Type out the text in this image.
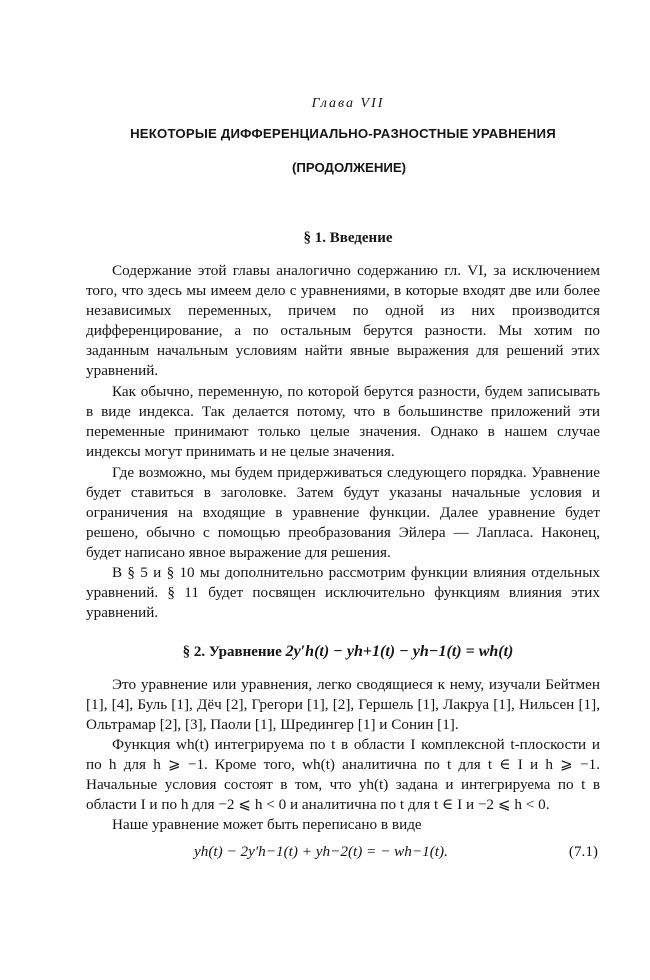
Глава VII
НЕКОТОРЫЕ ДИФФЕРЕНЦИАЛЬНО-РАЗНОСТНЫЕ УРАВНЕНИЯ
(ПРОДОЛЖЕНИЕ)
§ 1. Введение

Содержание этой главы аналогично содержанию гл. VI, за исключением того, что здесь мы имеем дело с уравнениями, в которые входят две или более независимых переменных, причем по одной из них производится дифференцирование, а по остальным берутся разности. Мы хотим по заданным начальным условиям найти явные выражения для решений этих уравнений.

Как обычно, переменную, по которой берутся разности, будем записывать в виде индекса. Так делается потому, что в большинстве приложений эти переменные принимают только целые значения. Однако в нашем случае индексы могут принимать и не целые значения.

Где возможно, мы будем придерживаться следующего порядка. Уравнение будет ставиться в заголовке. Затем будут указаны начальные условия и ограничения на входящие в уравнение функции. Далее уравнение будет решено, обычно с помощью преобразования Эйлера — Лапласа. Наконец, будет написано явное выражение для решения.

В § 5 и § 10 мы дополнительно рассмотрим функции влияния отдельных уравнений. § 11 будет посвящен исключительно функциям влияния этих уравнений.

§ 2. Уравнение 2y′h(t) − yh+1(t) − yh−1(t) = wh(t)

Это уравнение или уравнения, легко сводящиеся к нему, изучали Бейтмен [1], [4], Буль [1], Дёч [2], Грегори [1], [2], Гершель [1], Лакруа [1], Нильсен [1], Ольтрамар [2], [3], Паоли [1], Шредингер [1] и Сонин [1].

Функция wh(t) интегрируема по t в области I комплексной t-плоскости и по h для h ⩾ −1. Кроме того, wh(t) аналитична по t для t ∈ I и h ⩾ −1. Начальные условия состоят в том, что yh(t) задана и интегрируема по t в области I и по h для −2 ⩽ h < 0 и аналитична по t для t ∈ I и −2 ⩽ h < 0.

Наше уравнение может быть переписано в виде

yh(t) − 2y′h−1(t) + yh−2(t) = − wh−1(t).	(7.1)
